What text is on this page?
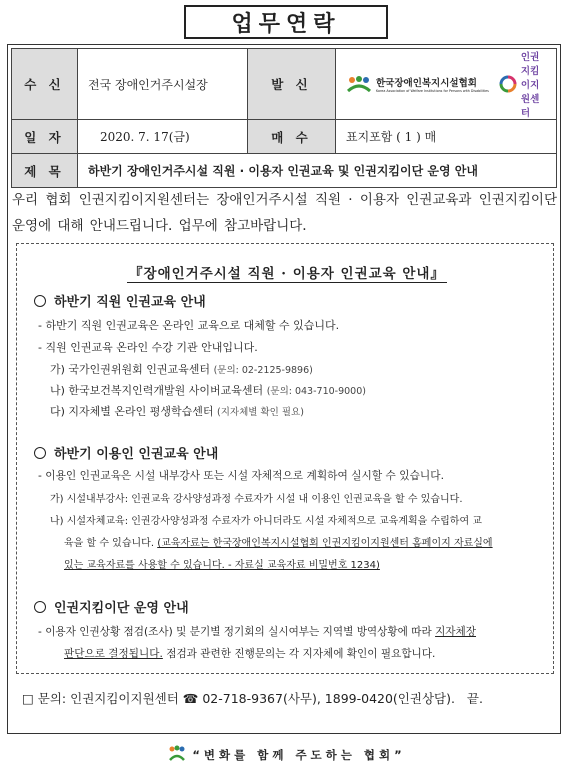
업무연락
수 신	전국 장애인거주시설장	발 신	한국장애인복지시설협회
Korea Association of Welfare Institutions for Persons with Disabilities
인권지킴이지원센터

일 자	2020. 7. 17(금)	매 수	표지포함 ( 1 ) 매
제 목	하반기 장애인거주시설 직원 · 이용자 인권교육 및 인권지킴이단 운영 안내		
우리 협회 인권지킴이지원센터는 장애인거주시설 직원 · 이용자 인권교육과 인권지킴이단 운영에 대해 안내드립니다. 업무에 참고바랍니다.
『장애인거주시설 직원 · 이용자 인권교육 안내』
하반기 직원 인권교육 안내
- 하반기 직원 인권교육은 온라인 교육으로 대체할 수 있습니다.
- 직원 인권교육 온라인 수강 기관 안내입니다.
가) 국가인권위원회 인권교육센터 (문의: 02-2125-9896)
나) 한국보건복지인력개발원 사이버교육센터 (문의: 043-710-9000)
다) 지자체별 온라인 평생학습센터 (지자체별 확인 필요)
하반기 이용인 인권교육 안내
- 이용인 인권교육은 시설 내부강사 또는 시설 자체적으로 계획하여 실시할 수 있습니다.
가) 시설내부강사: 인권교육 강사양성과정 수료자가 시설 내 이용인 인권교육을 할 수 있습니다.
나) 시설자체교육: 인권강사양성과정 수료자가 아니더라도 시설 자체적으로 교육계획을 수립하여 교
육을 할 수 있습니다. (교육자료는 한국장애인복지시설협회 인권지킴이지원센터 홈페이지 자료실에
있는 교육자료를 사용할 수 있습니다. - 자료실 교육자료 비밀번호 1234)
인권지킴이단 운영 안내
- 이용자 인권상황 점검(조사) 및 분기별 정기회의 실시여부는 지역별 방역상황에 따라 지자체장
판단으로 결정됩니다. 점검과 관련한 진행문의는 각 지자체에 확인이 필요합니다.
□ 문의: 인권지킴이지원센터 ☎ 02-718-9367(사무), 1899-0420(인권상담). 끝.
“변화를 함께 주도하는 협회”
